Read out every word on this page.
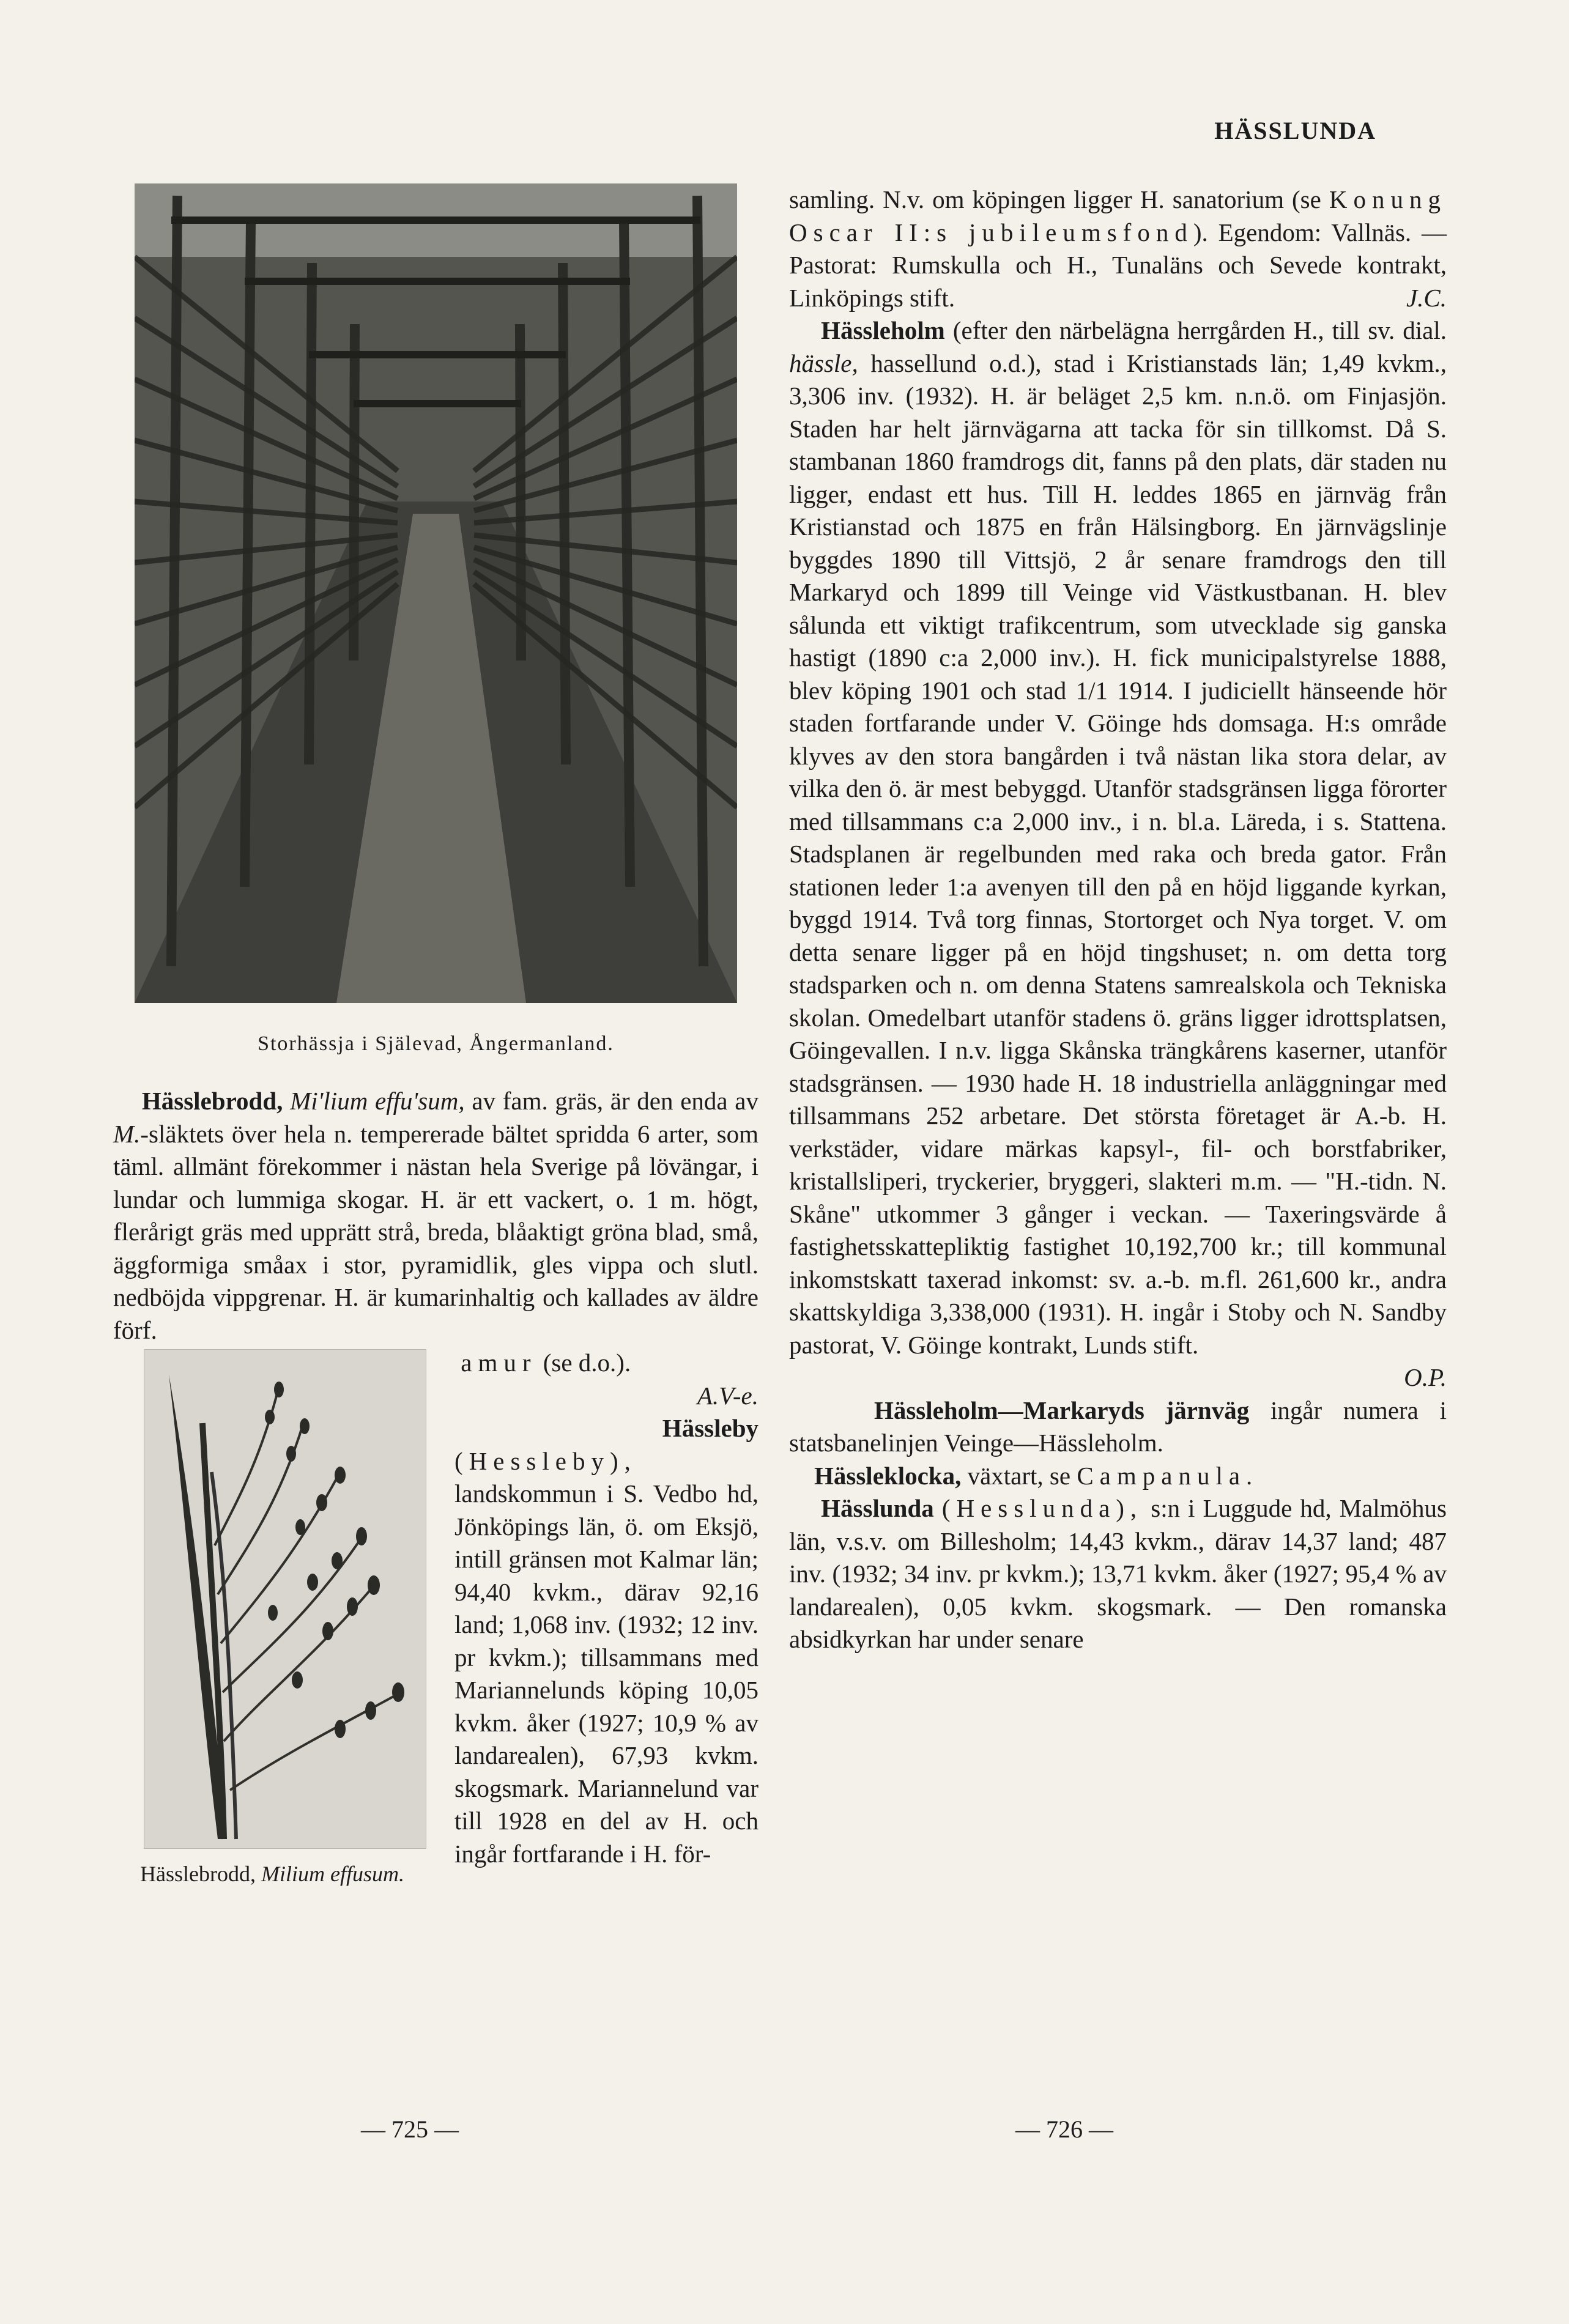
HÄSSLUNDA
Storhässja i Själevad, Ångermanland.

Hässlebrodd, Mi'lium effu'sum, av fam. gräs, är den enda av M.-släktets över hela n. tempererade bältet spridda 6 arter, som täml. allmänt förekommer i nästan hela Sverige på lövängar, i lundar och lummiga skogar. H. är ett vackert, o. 1 m. högt, flerårigt gräs med upprätt strå, breda, blåaktigt gröna blad, små, äggformiga småax i stor, pyramidlik, gles vippa och slutl. nedböjda vippgrenar. H. är kumarinhaltig och kallades av äldre förf.

Hässlebrodd, Milium effusum.

amur (se d.o.).

A.V-e.

Hässleby (Hessleby), landskommun i S. Vedbo hd, Jönköpings län, ö. om Eksjö, intill gränsen mot Kalmar län; 94,40 kvkm., därav 92,16 land; 1,068 inv. (1932; 12 inv. pr kvkm.); tillsammans med Mariannelunds köping 10,05 kvkm. åker (1927; 10,9 % av landarealen), 67,93 kvkm. skogsmark. Mariannelund var till 1928 en del av H. och ingår fortfarande i H. för-

samling. N.v. om köpingen ligger H. sanatorium (se Konung Oscar II:s jubileumsfond). Egendom: Vallnäs. — Pastorat: Rumskulla och H., Tunaläns och Sevede kontrakt, Linköpings stift.	J.C.

Hässleholm (efter den närbelägna herrgården H., till sv. dial. hässle, hassellund o.d.), stad i Kristianstads län; 1,49 kvkm., 3,306 inv. (1932). H. är beläget 2,5 km. n.n.ö. om Finjasjön. Staden har helt järnvägarna att tacka för sin tillkomst. Då S. stambanan 1860 framdrogs dit, fanns på den plats, där staden nu ligger, endast ett hus. Till H. leddes 1865 en järnväg från Kristianstad och 1875 en från Hälsingborg. En järnvägslinje byggdes 1890 till Vittsjö, 2 år senare framdrogs den till Markaryd och 1899 till Veinge vid Västkustbanan. H. blev sålunda ett viktigt trafikcentrum, som utvecklade sig ganska hastigt (1890 c:a 2,000 inv.). H. fick municipalstyrelse 1888, blev köping 1901 och stad 1/1 1914. I judiciellt hänseende hör staden fortfarande under V. Göinge hds domsaga. H:s område klyves av den stora bangården i två nästan lika stora delar, av vilka den ö. är mest bebyggd. Utanför stadsgränsen ligga förorter med tillsammans c:a 2,000 inv., i n. bl.a. Läreda, i s. Stattena. Stadsplanen är regelbunden med raka och breda gator. Från stationen leder 1:a avenyen till den på en höjd liggande kyrkan, byggd 1914. Två torg finnas, Stortorget och Nya torget. V. om detta senare ligger på en höjd tingshuset; n. om detta torg stadsparken och n. om denna Statens samrealskola och Tekniska skolan. Omedelbart utanför stadens ö. gräns ligger idrottsplatsen, Göingevallen. I n.v. ligga Skånska trängkårens kaserner, utanför stadsgränsen. — 1930 hade H. 18 industriella anläggningar med tillsammans 252 arbetare. Det största företaget är A.-b. H. verkstäder, vidare märkas kapsyl-, fil- och borstfabriker, kristallsliperi, tryckerier, bryggeri, slakteri m.m. — "H.-tidn. N. Skåne" utkommer 3 gånger i veckan. — Taxeringsvärde å fastighetsskattepliktig fastighet 10,192,700 kr.; till kommunal inkomstskatt taxerad inkomst: sv. a.-b. m.fl. 261,600 kr., andra skattskyldiga 3,338,000 (1931). H. ingår i Stoby och N. Sandby pastorat, V. Göinge kontrakt, Lunds stift.

O.P.

Hässleholm—Markaryds järnväg ingår numera i statsbanelinjen Veinge—Hässleholm.

Hässleklocka, växtart, se Campanula.

Hässlunda (Hesslunda), s:n i Luggude hd, Malmöhus län, v.s.v. om Billesholm; 14,43 kvkm., därav 14,37 land; 487 inv. (1932; 34 inv. pr kvkm.); 13,71 kvkm. åker (1927; 95,4 % av landarealen), 0,05 kvkm. skogsmark. — Den romanska absidkyrkan har under senare

— 725 —	— 726 —
